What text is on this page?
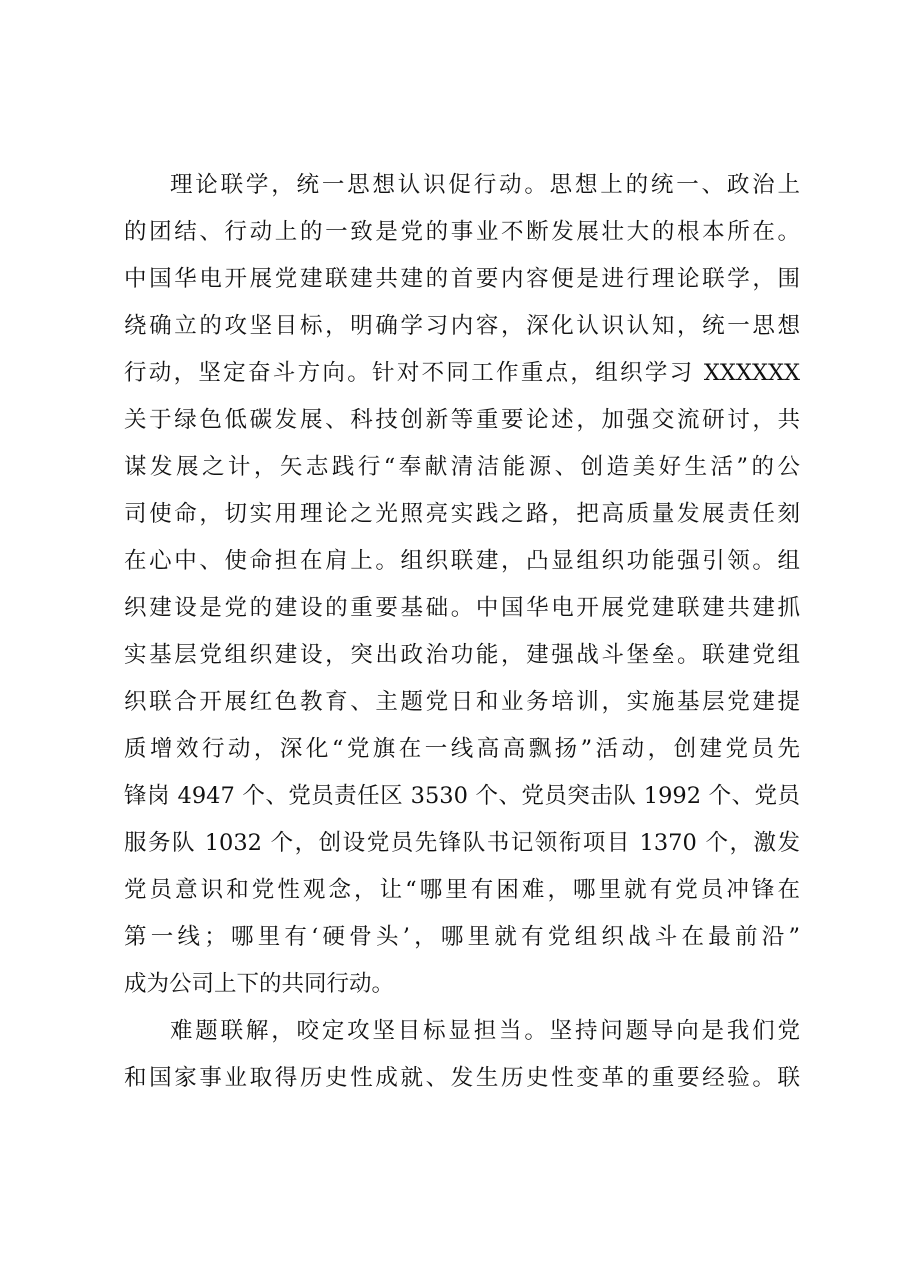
理论联学，统一思想认识促行动。思想上的统一、政治上
的团结、行动上的一致是党的事业不断发展壮大的根本所在。
中国华电开展党建联建共建的首要内容便是进行理论联学，围
绕确立的攻坚目标，明确学习内容，深化认识认知，统一思想
行动，坚定奋斗方向。针对不同工作重点，组织学习 XXXXXX
关于绿色低碳发展、科技创新等重要论述，加强交流研讨，共
谋发展之计，矢志践行“奉献清洁能源、创造美好生活”的公
司使命，切实用理论之光照亮实践之路，把高质量发展责任刻
在心中、使命担在肩上。组织联建，凸显组织功能强引领。组
织建设是党的建设的重要基础。中国华电开展党建联建共建抓
实基层党组织建设，突出政治功能，建强战斗堡垒。联建党组
织联合开展红色教育、主题党日和业务培训，实施基层党建提
质增效行动，深化“党旗在一线高高飘扬”活动，创建党员先
锋岗 4947 个、党员责任区 3530 个、党员突击队 1992 个、党员
服务队 1032 个，创设党员先锋队书记领衔项目 1370 个，激发
党员意识和党性观念，让“哪里有困难，哪里就有党员冲锋在
第一线；哪里有‘硬骨头’，哪里就有党组织战斗在最前沿”
成为公司上下的共同行动。
难题联解，咬定攻坚目标显担当。坚持问题导向是我们党
和国家事业取得历史性成就、发生历史性变革的重要经验。联
